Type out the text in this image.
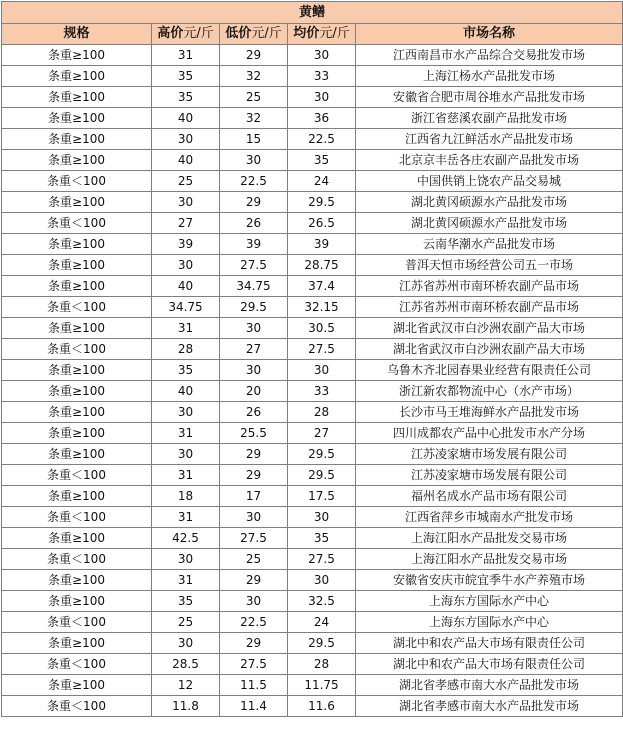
黄鳝				
规格	高价元/斤	低价元/斤	均价元/斤	市场名称
条重≥100	31	29	30	江西南昌市水产品综合交易批发市场
条重≥100	35	32	33	上海江杨水产品批发市场
条重≥100	35	25	30	安徽省合肥市周谷堆水产品批发市场
条重≥100	40	32	36	浙江省慈溪农副产品批发市场
条重≥100	30	15	22.5	江西省九江鲜活水产品批发市场
条重≥100	40	30	35	北京京丰岳各庄农副产品批发市场
条重＜100	25	22.5	24	中国供销上饶农产品交易城
条重≥100	30	29	29.5	湖北黄冈硕源水产品批发市场
条重＜100	27	26	26.5	湖北黄冈硕源水产品批发市场
条重≥100	39	39	39	云南华潮水产品批发市场
条重≥100	30	27.5	28.75	普洱天恒市场经营公司五一市场
条重≥100	40	34.75	37.4	江苏省苏州市南环桥农副产品市场
条重＜100	34.75	29.5	32.15	江苏省苏州市南环桥农副产品市场
条重≥100	31	30	30.5	湖北省武汉市白沙洲农副产品大市场
条重＜100	28	27	27.5	湖北省武汉市白沙洲农副产品大市场
条重≥100	35	30	30	乌鲁木齐北园春果业经营有限责任公司
条重≥100	40	20	33	浙江新农都物流中心（水产市场）
条重≥100	30	26	28	长沙市马王堆海鲜水产品批发市场
条重≥100	31	25.5	27	四川成都农产品中心批发市水产分场
条重≥100	30	29	29.5	江苏凌家塘市场发展有限公司
条重＜100	31	29	29.5	江苏凌家塘市场发展有限公司
条重≥100	18	17	17.5	福州名成水产品市场有限公司
条重＜100	31	30	30	江西省萍乡市城南水产批发市场
条重≥100	42.5	27.5	35	上海江阳水产品批发交易市场
条重＜100	30	25	27.5	上海江阳水产品批发交易市场
条重≥100	31	29	30	安徽省安庆市皖宜季牛水产养殖市场
条重≥100	35	30	32.5	上海东方国际水产中心
条重＜100	25	22.5	24	上海东方国际水产中心
条重≥100	30	29	29.5	湖北中和农产品大市场有限责任公司
条重＜100	28.5	27.5	28	湖北中和农产品大市场有限责任公司
条重≥100	12	11.5	11.75	湖北省孝感市南大水产品批发市场
条重＜100	11.8	11.4	11.6	湖北省孝感市南大水产品批发市场
